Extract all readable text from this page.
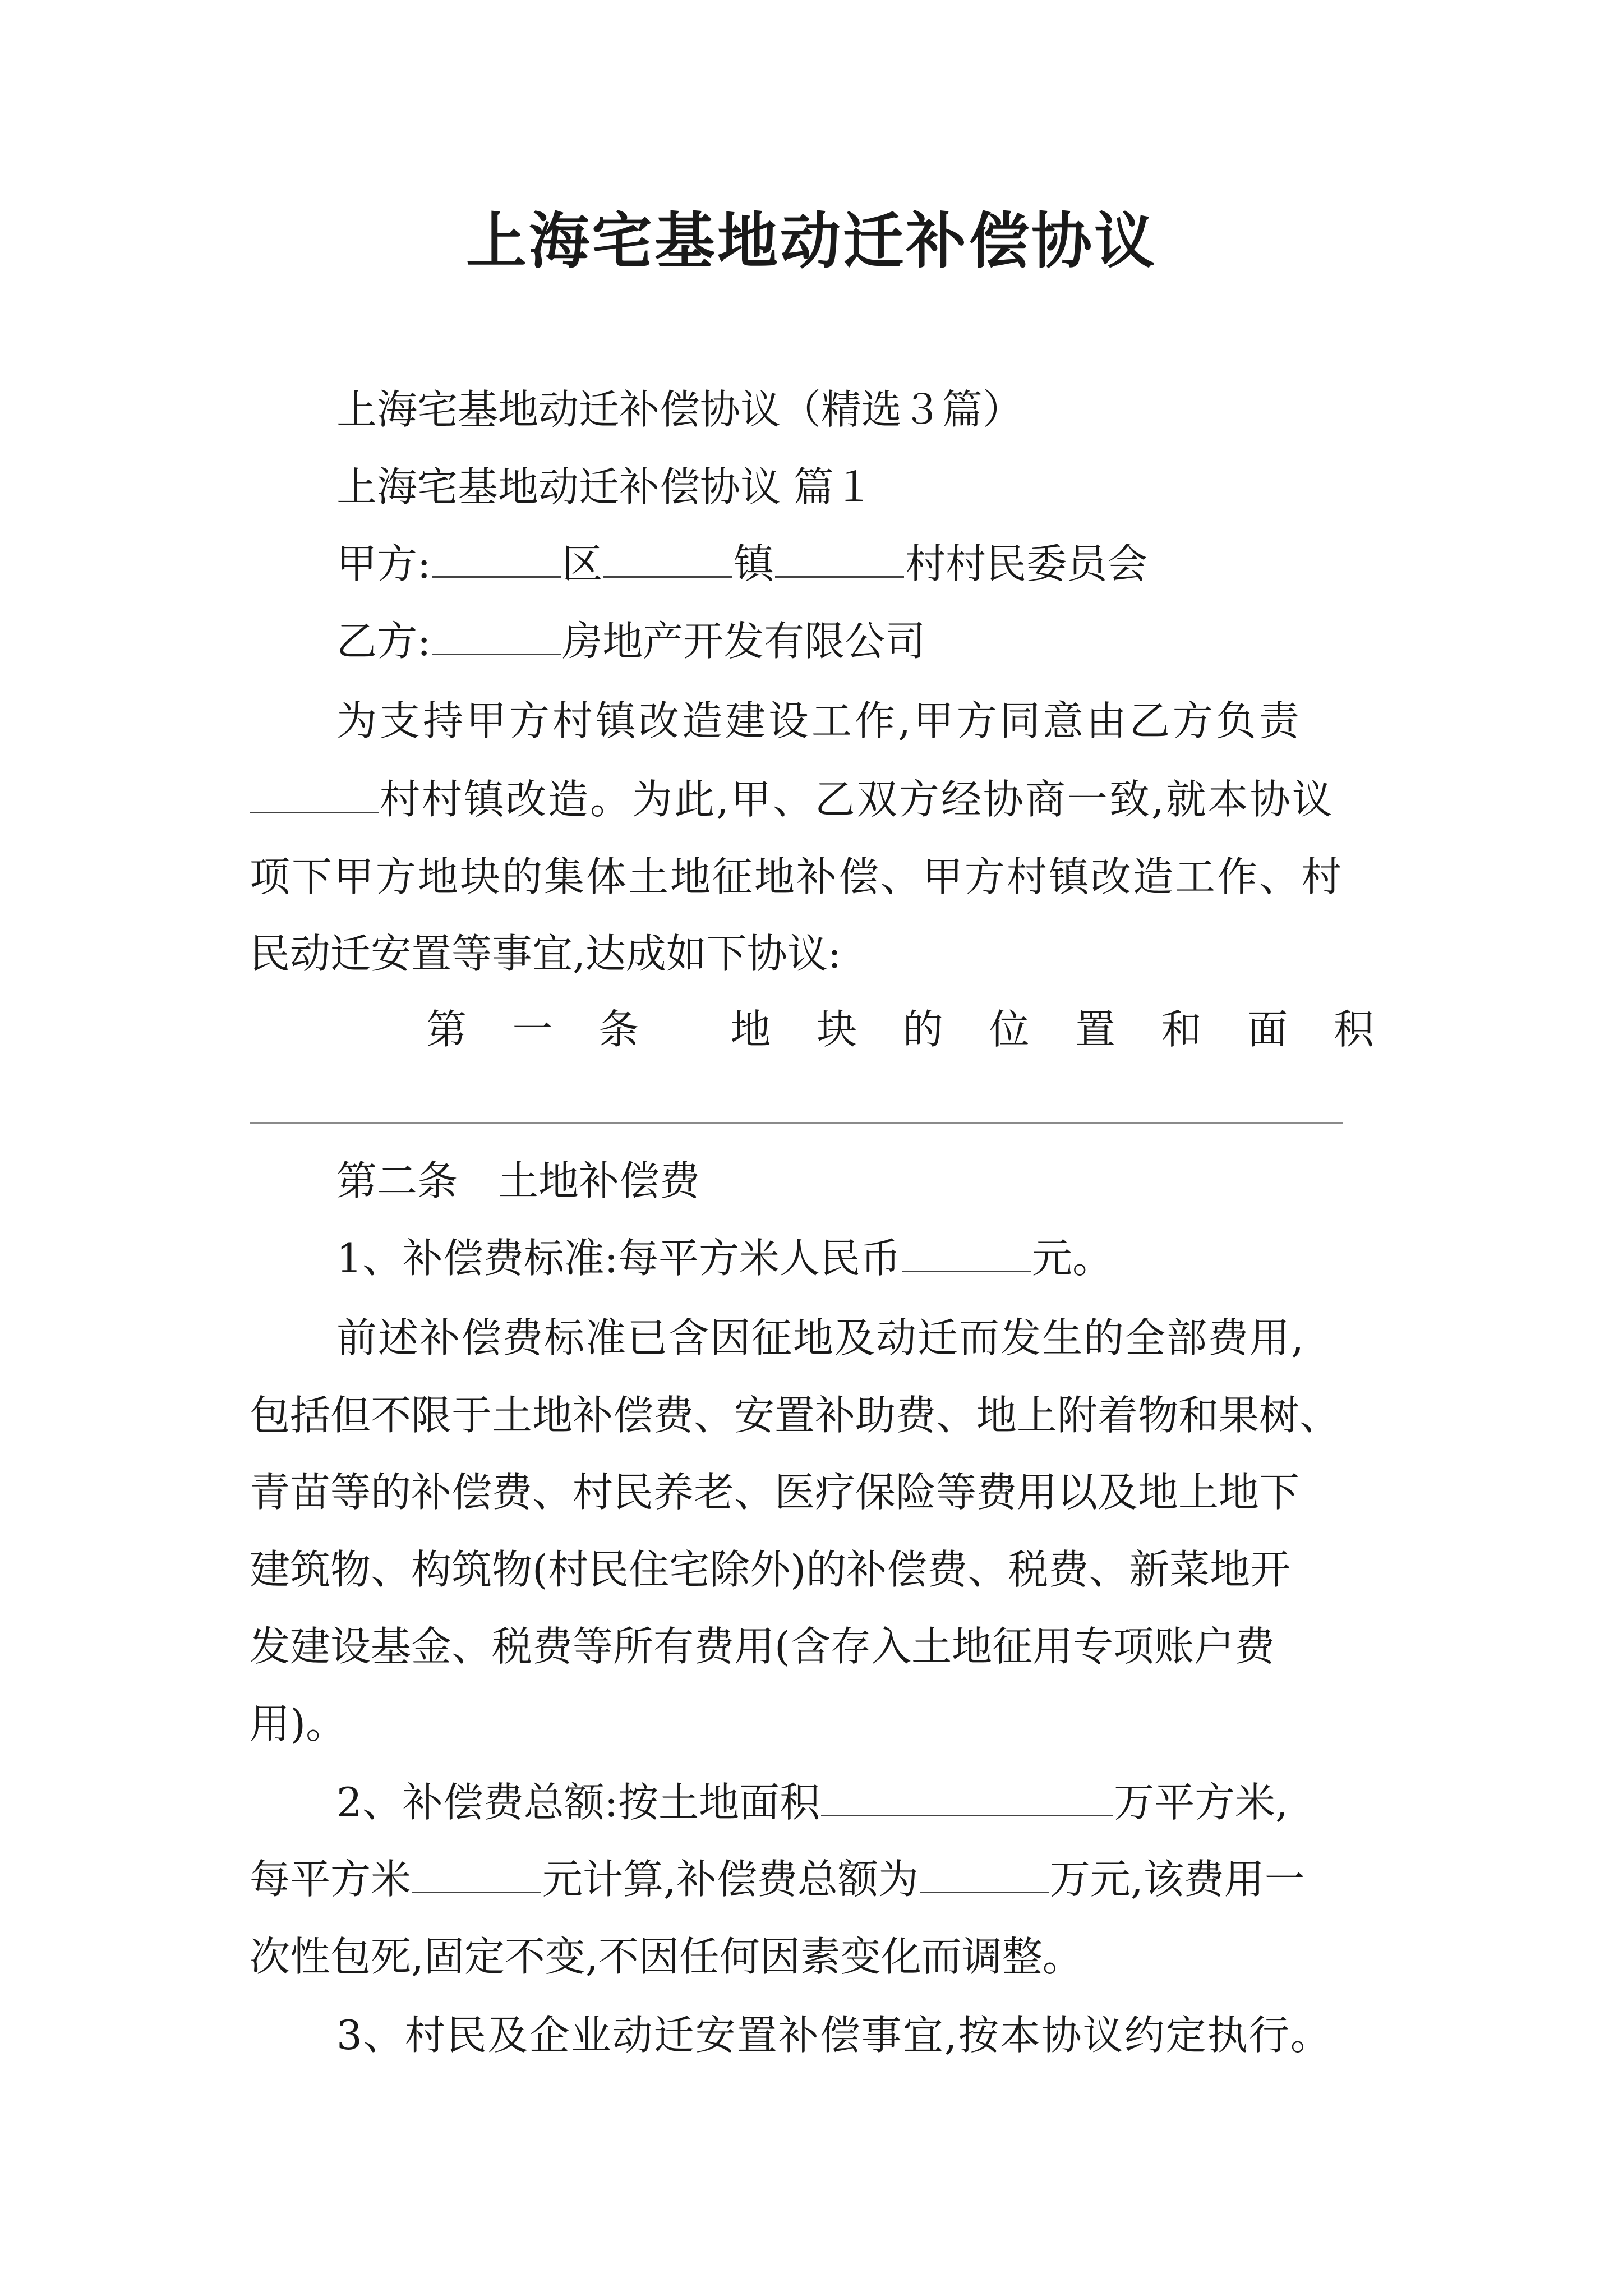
上海宅基地动迁补偿协议
上海宅基地动迁补偿协议（精选３篇）
上海宅基地动迁补偿协议 篇１
甲方:	区	镇	村村民委员会
乙方:	房地产开发有限公司
为支持甲方村镇改造建设工作,甲方同意由乙方负责
村村镇改造。为此,甲、乙双方经协商一致,就本协议
项下甲方地块的集体土地征地补偿、甲方村镇改造工作、村
民动迁安置等事宜,达成如下协议:
第 一 条 地 块 的 位 置 和 面 积
第二条　土地补偿费
1、补偿费标准:每平方米人民币	元。
前述补偿费标准已含因征地及动迁而发生的全部费用,
包括但不限于土地补偿费、安置补助费、地上附着物和果树、
青苗等的补偿费、村民养老、医疗保险等费用以及地上地下
建筑物、构筑物(村民住宅除外)的补偿费、税费、新菜地开
发建设基金、税费等所有费用(含存入土地征用专项账户费
用)。
2、补偿费总额:按土地面积	万平方米,
每平方米	元计算,补偿费总额为	万元,该费用一
次性包死,固定不变,不因任何因素变化而调整。
3、村民及企业动迁安置补偿事宜,按本协议约定执行。
